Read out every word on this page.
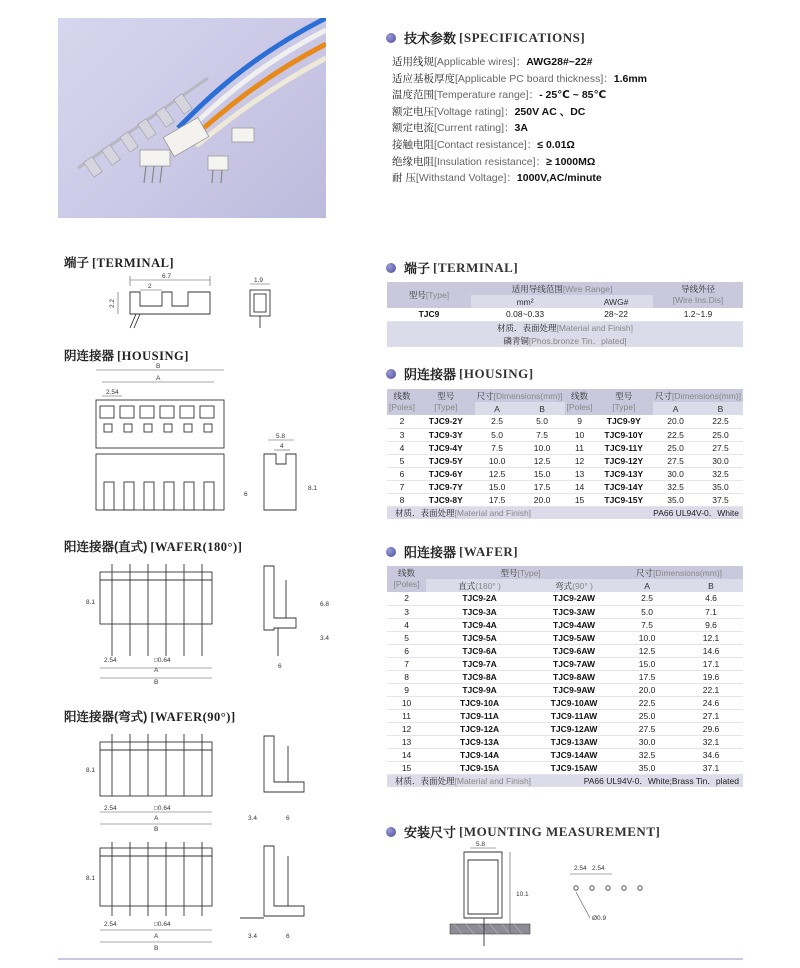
技术参数 [SPECIFICATIONS]
适用线规[Applicable wires]：AWG28#~22#
适应基板厚度[Applicable PC board thickness]：1.6mm
温度范围[Temperature range]：- 25℃ ~ 85℃
额定电压[Voltage rating]：250V AC 、DC
额定电流[Current rating]：3A
接触电阻[Contact resistance]：≤ 0.01Ω
绝缘电阻[Insulation resistance]：≥ 1000MΩ
耐 压[Withstand Voltage]：1000V,AC/minute
端子 [TERMINAL]
阴连接器 [HOUSING]
阳连接器(直式) [WAFER(180°)]
阳连接器(弯式) [WAFER(90°)]
6.7
2
2.2
1.9
B
A
2.54
5.8
4
6
8.1
8.1	6.8
3.4
2.54	□0.64
A
B
6
8.1
2.54	□0.64
A
B
3.4	6
8.1
2.54	□0.64
A
B
3.4	6
端子 [TERMINAL]
型号[Type]	适用导线范围[Wire Range]		导线外径
[Wire Ins.Dis]
	mm²	AWG#	
TJC9	0.08~0.33	28~22	1.2~1.9
材质．表面处理[Material and Finish]			
磷青铜[Phos.bronze Tin．plated]			
阴连接器 [HOUSING]
线数
[Poles]	型号
[Type]	尺寸[Dimensions(mm)]		线数
[Poles]	型号
[Type]	尺寸[Dimensions(mm)]	
		A	B			A	B
2	TJC9-2Y	2.5	5.0	9	TJC9-9Y	20.0	22.5
3	TJC9-3Y	5.0	7.5	10	TJC9-10Y	22.5	25.0
4	TJC9-4Y	7.5	10.0	11	TJC9-11Y	25.0	27.5
5	TJC9-5Y	10.0	12.5	12	TJC9-12Y	27.5	30.0
6	TJC9-6Y	12.5	15.0	13	TJC9-13Y	30.0	32.5
7	TJC9-7Y	15.0	17.5	14	TJC9-14Y	32.5	35.0
8	TJC9-8Y	17.5	20.0	15	TJC9-15Y	35.0	37.5
材质．表面处理[Material and Finish]					PA66 UL94V-0．White		
阳连接器 [WAFER]
线数
[Poles]	型号[Type]		尺寸[Dimensions(mm)]	
	直式(180° )	弯式(90° )	A	B
2	TJC9-2A	TJC9-2AW	2.5	4.6
3	TJC9-3A	TJC9-3AW	5.0	7.1
4	TJC9-4A	TJC9-4AW	7.5	9.6
5	TJC9-5A	TJC9-5AW	10.0	12.1
6	TJC9-6A	TJC9-6AW	12.5	14.6
7	TJC9-7A	TJC9-7AW	15.0	17.1
8	TJC9-8A	TJC9-8AW	17.5	19.6
9	TJC9-9A	TJC9-9AW	20.0	22.1
10	TJC9-10A	TJC9-10AW	22.5	24.6
11	TJC9-11A	TJC9-11AW	25.0	27.1
12	TJC9-12A	TJC9-12AW	27.5	29.6
13	TJC9-13A	TJC9-13AW	30.0	32.1
14	TJC9-14A	TJC9-14AW	32.5	34.6
15	TJC9-15A	TJC9-15AW	35.0	37.1
材质．表面处理[Material and Finish]		PA66 UL94V-0．White;Brass Tin．plated		
安装尺寸 [MOUNTING MEASUREMENT]
5.8
10.1
2.54 2.54
Ø0.9
